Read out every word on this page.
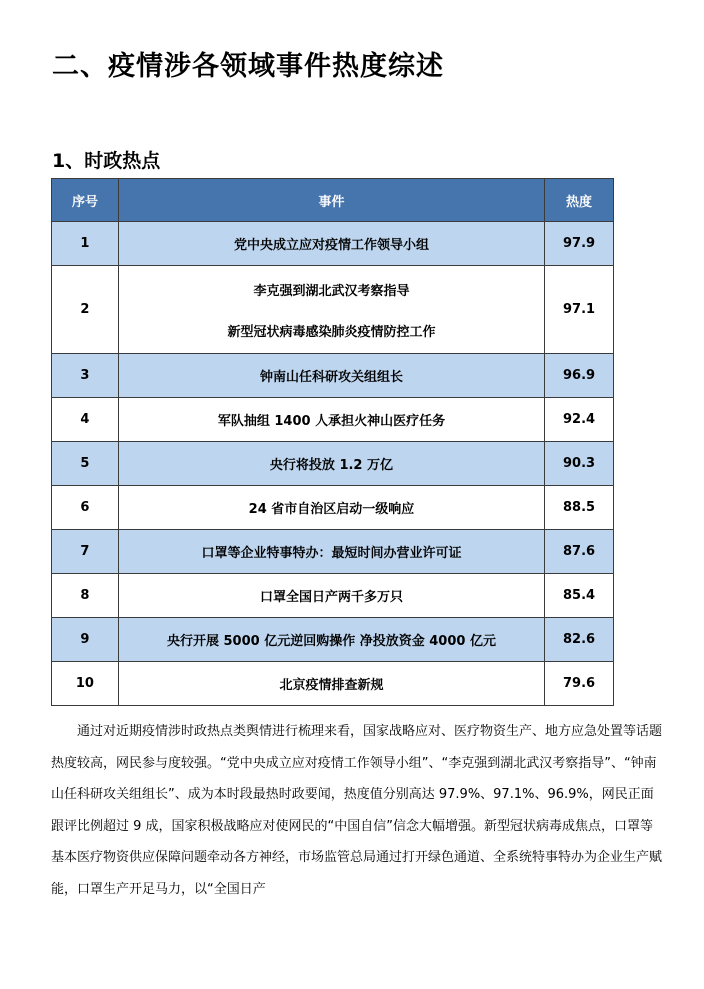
二、疫情涉各领域事件热度综述
1、时政热点
序号	事件	热度
1	党中央成立应对疫情工作领导小组	97.9
2	李克强到湖北武汉考察指导
新型冠状病毒感染肺炎疫情防控工作	97.1
3	钟南山任科研攻关组组长	96.9
4	军队抽组 1400 人承担火神山医疗任务	92.4
5	央行将投放 1.2 万亿	90.3
6	24 省市自治区启动一级响应	88.5
7	口罩等企业特事特办：最短时间办营业许可证	87.6
8	口罩全国日产两千多万只	85.4
9	央行开展 5000 亿元逆回购操作 净投放资金 4000 亿元	82.6
10	北京疫情排查新规	79.6

通过对近期疫情涉时政热点类舆情进行梳理来看，国家战略应对、医疗物资生产、地方应急处置等话题热度较高，网民参与度较强。“党中央成立应对疫情工作领导小组”、“李克强到湖北武汉考察指导”、“钟南山任科研攻关组组长”、成为本时段最热时政要闻，热度值分别高达 97.9%、97.1%、96.9%，网民正面跟评比例超过 9 成，国家积极战略应对使网民的“中国自信”信念大幅增强。新型冠状病毒成焦点，口罩等基本医疗物资供应保障问题牵动各方神经，市场监管总局通过打开绿色通道、全系统特事特办为企业生产赋能，口罩生产开足马力，以“全国日产
